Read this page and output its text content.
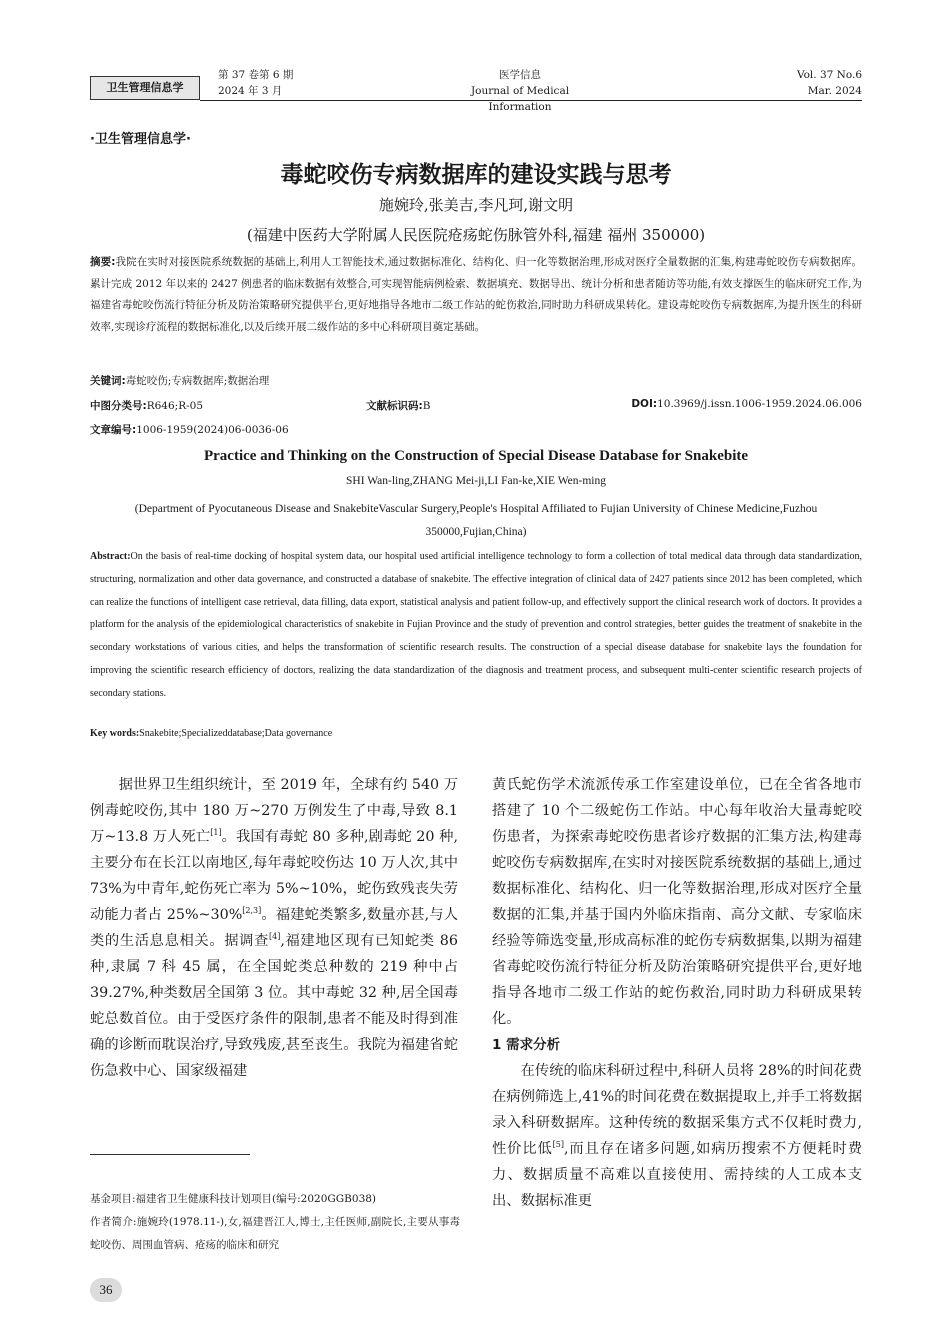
卫生管理信息学
第 37 卷第 6 期
2024 年 3 月
医学信息
Journal of Medical Information
Vol. 37 No.6
Mar. 2024
·卫生管理信息学·
毒蛇咬伤专病数据库的建设实践与思考
施婉玲,张美吉,李凡珂,谢文明
(福建中医药大学附属人民医院疮疡蛇伤脉管外科,福建 福州 350000)
摘要:我院在实时对接医院系统数据的基础上,利用人工智能技术,通过数据标准化、结构化、归一化等数据治理,形成对医疗全量数据的汇集,构建毒蛇咬伤专病数据库。累计完成 2012 年以来的 2427 例患者的临床数据有效整合,可实现智能病例检索、数据填充、数据导出、统计分析和患者随访等功能,有效支撑医生的临床研究工作,为福建省毒蛇咬伤流行特征分析及防治策略研究提供平台,更好地指导各地市二级工作站的蛇伤救治,同时助力科研成果转化。建设毒蛇咬伤专病数据库,为提升医生的科研效率,实现诊疗流程的数据标准化,以及后续开展二级作站的多中心科研项目奠定基础。
关键词:毒蛇咬伤;专病数据库;数据治理
中图分类号:R646;R-05	文献标识码:B	DOI:10.3969/j.issn.1006-1959.2024.06.006
文章编号:1006-1959(2024)06-0036-06
Practice and Thinking on the Construction of Special Disease Database for Snakebite
SHI Wan-ling,ZHANG Mei-ji,LI Fan-ke,XIE Wen-ming
(Department of Pyocutaneous Disease and SnakebiteVascular Surgery,People's Hospital Affiliated to Fujian University of Chinese Medicine,Fuzhou 350000,Fujian,China)
Abstract:On the basis of real-time docking of hospital system data, our hospital used artificial intelligence technology to form a collection of total medical data through data standardization, structuring, normalization and other data governance, and constructed a database of snakebite. The effective integration of clinical data of 2427 patients since 2012 has been completed, which can realize the functions of intelligent case retrieval, data filling, data export, statistical analysis and patient follow-up, and effectively support the clinical research work of doctors. It provides a platform for the analysis of the epidemiological characteristics of snakebite in Fujian Province and the study of prevention and control strategies, better guides the treatment of snakebite in the secondary workstations of various cities, and helps the transformation of scientific research results. The construction of a special disease database for snakebite lays the foundation for improving the scientific research efficiency of doctors, realizing the data standardization of the diagnosis and treatment process, and subsequent multi-center scientific research projects of secondary stations.
Key words:Snakebite;Specializeddatabase;Data governance

据世界卫生组织统计，至 2019 年，全球有约 540 万例毒蛇咬伤,其中 180 万~270 万例发生了中毒,导致 8.1 万~13.8 万人死亡[1]。我国有毒蛇 80 多种,剧毒蛇 20 种,主要分布在长江以南地区,每年毒蛇咬伤达 10 万人次,其中 73%为中青年,蛇伤死亡率为 5%~10%，蛇伤致残丧失劳动能力者占 25%~30%[2,3]。福建蛇类繁多,数量亦甚,与人类的生活息息相关。据调查[4],福建地区现有已知蛇类 86 种,隶属 7 科 45 属，在全国蛇类总种数的 219 种中占 39.27%,种类数居全国第 3 位。其中毒蛇 32 种,居全国毒蛇总数首位。由于受医疗条件的限制,患者不能及时得到准确的诊断而耽误治疗,导致残废,甚至丧生。我院为福建省蛇伤急救中心、国家级福建

黄氏蛇伤学术流派传承工作室建设单位，已在全省各地市搭建了 10 个二级蛇伤工作站。中心每年收治大量毒蛇咬伤患者，为探索毒蛇咬伤患者诊疗数据的汇集方法,构建毒蛇咬伤专病数据库,在实时对接医院系统数据的基础上,通过数据标准化、结构化、归一化等数据治理,形成对医疗全量数据的汇集,并基于国内外临床指南、高分文献、专家临床经验等筛选变量,形成高标准的蛇伤专病数据集,以期为福建省毒蛇咬伤流行特征分析及防治策略研究提供平台,更好地指导各地市二级工作站的蛇伤救治,同时助力科研成果转化。

1 需求分析

在传统的临床科研过程中,科研人员将 28%的时间花费在病例筛选上,41%的时间花费在数据提取上,并手工将数据录入科研数据库。这种传统的数据采集方式不仅耗时费力,性价比低[5],而且存在诸多问题,如病历搜索不方便耗时费力、数据质量不高难以直接使用、需持续的人工成本支出、数据标准更

基金项目:福建省卫生健康科技计划项目(编号:2020GGB038)
作者简介:施婉玲(1978.11-),女,福建晋江人,博士,主任医师,副院长,主要从事毒蛇咬伤、周围血管病、疮疡的临床和研究
36
